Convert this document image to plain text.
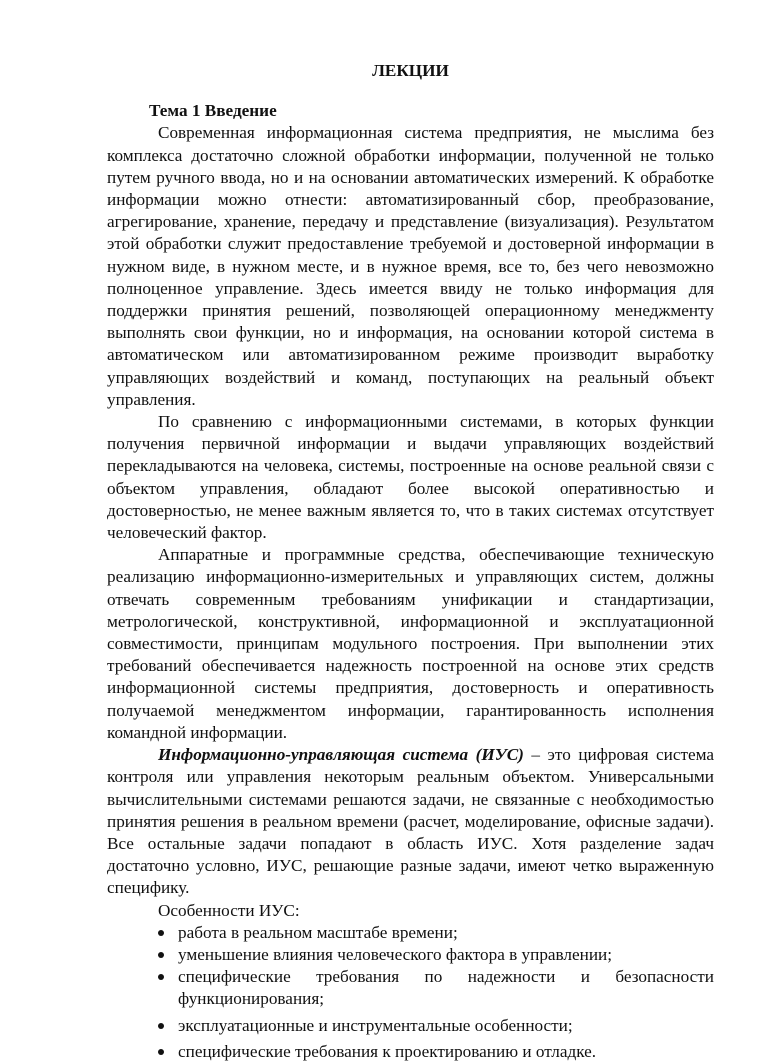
ЛЕКЦИИ

Тема 1 Введение

Современная информационная система предприятия, не мыслима без комплекса достаточно сложной обработки информации, полученной не только путем ручного ввода, но и на основании автоматических измерений. К обработке информации можно отнести: автоматизированный сбор, преобразование, агрегирование, хранение, передачу и представление (визуализация). Результатом этой обработки служит предоставление требуемой и достоверной информации в нужном виде, в нужном месте, и в нужное время, все то, без чего невозможно полноценное управление. Здесь имеется ввиду не только информация для поддержки принятия решений, позволяющей операционному менеджменту выполнять свои функции, но и информация, на основании которой система в автоматическом или автоматизированном режиме производит выработку управляющих воздействий и команд, поступающих на реальный объект управления.

По сравнению с информационными системами, в которых функции получения первичной информации и выдачи управляющих воздействий перекладываются на человека, системы, построенные на основе реальной связи с объектом управления, обладают более высокой оперативностью и достоверностью, не менее важным является то, что в таких системах отсутствует человеческий фактор.

Аппаратные и программные средства, обеспечивающие техническую реализацию информационно-измерительных и управляющих систем, должны отвечать современным требованиям унификации и стандартизации, метрологической, конструктивной, информационной и эксплуатационной совместимости, принципам модульного построения. При выполнении этих требований обеспечивается надежность построенной на основе этих средств информационной системы предприятия, достоверность и оперативность получаемой менеджментом информации, гарантированность исполнения командной информации.

Информационно-управляющая система (ИУС) – это цифровая система контроля или управления некоторым реальным объектом. Универсальными вычислительными системами решаются задачи, не связанные с необходимостью принятия решения в реальном времени (расчет, моделирование, офисные задачи). Все остальные задачи попадают в область ИУС. Хотя разделение задач достаточно условно, ИУС, решающие разные задачи, имеют четко выраженную специфику.

Особенности ИУС:

работа в реальном масштабе времени;
уменьшение влияния человеческого фактора в управлении;
специфические требования по надежности и безопасности функционирования;
эксплуатационные и инструментальные особенности;
специфические требования к проектированию и отладке.
